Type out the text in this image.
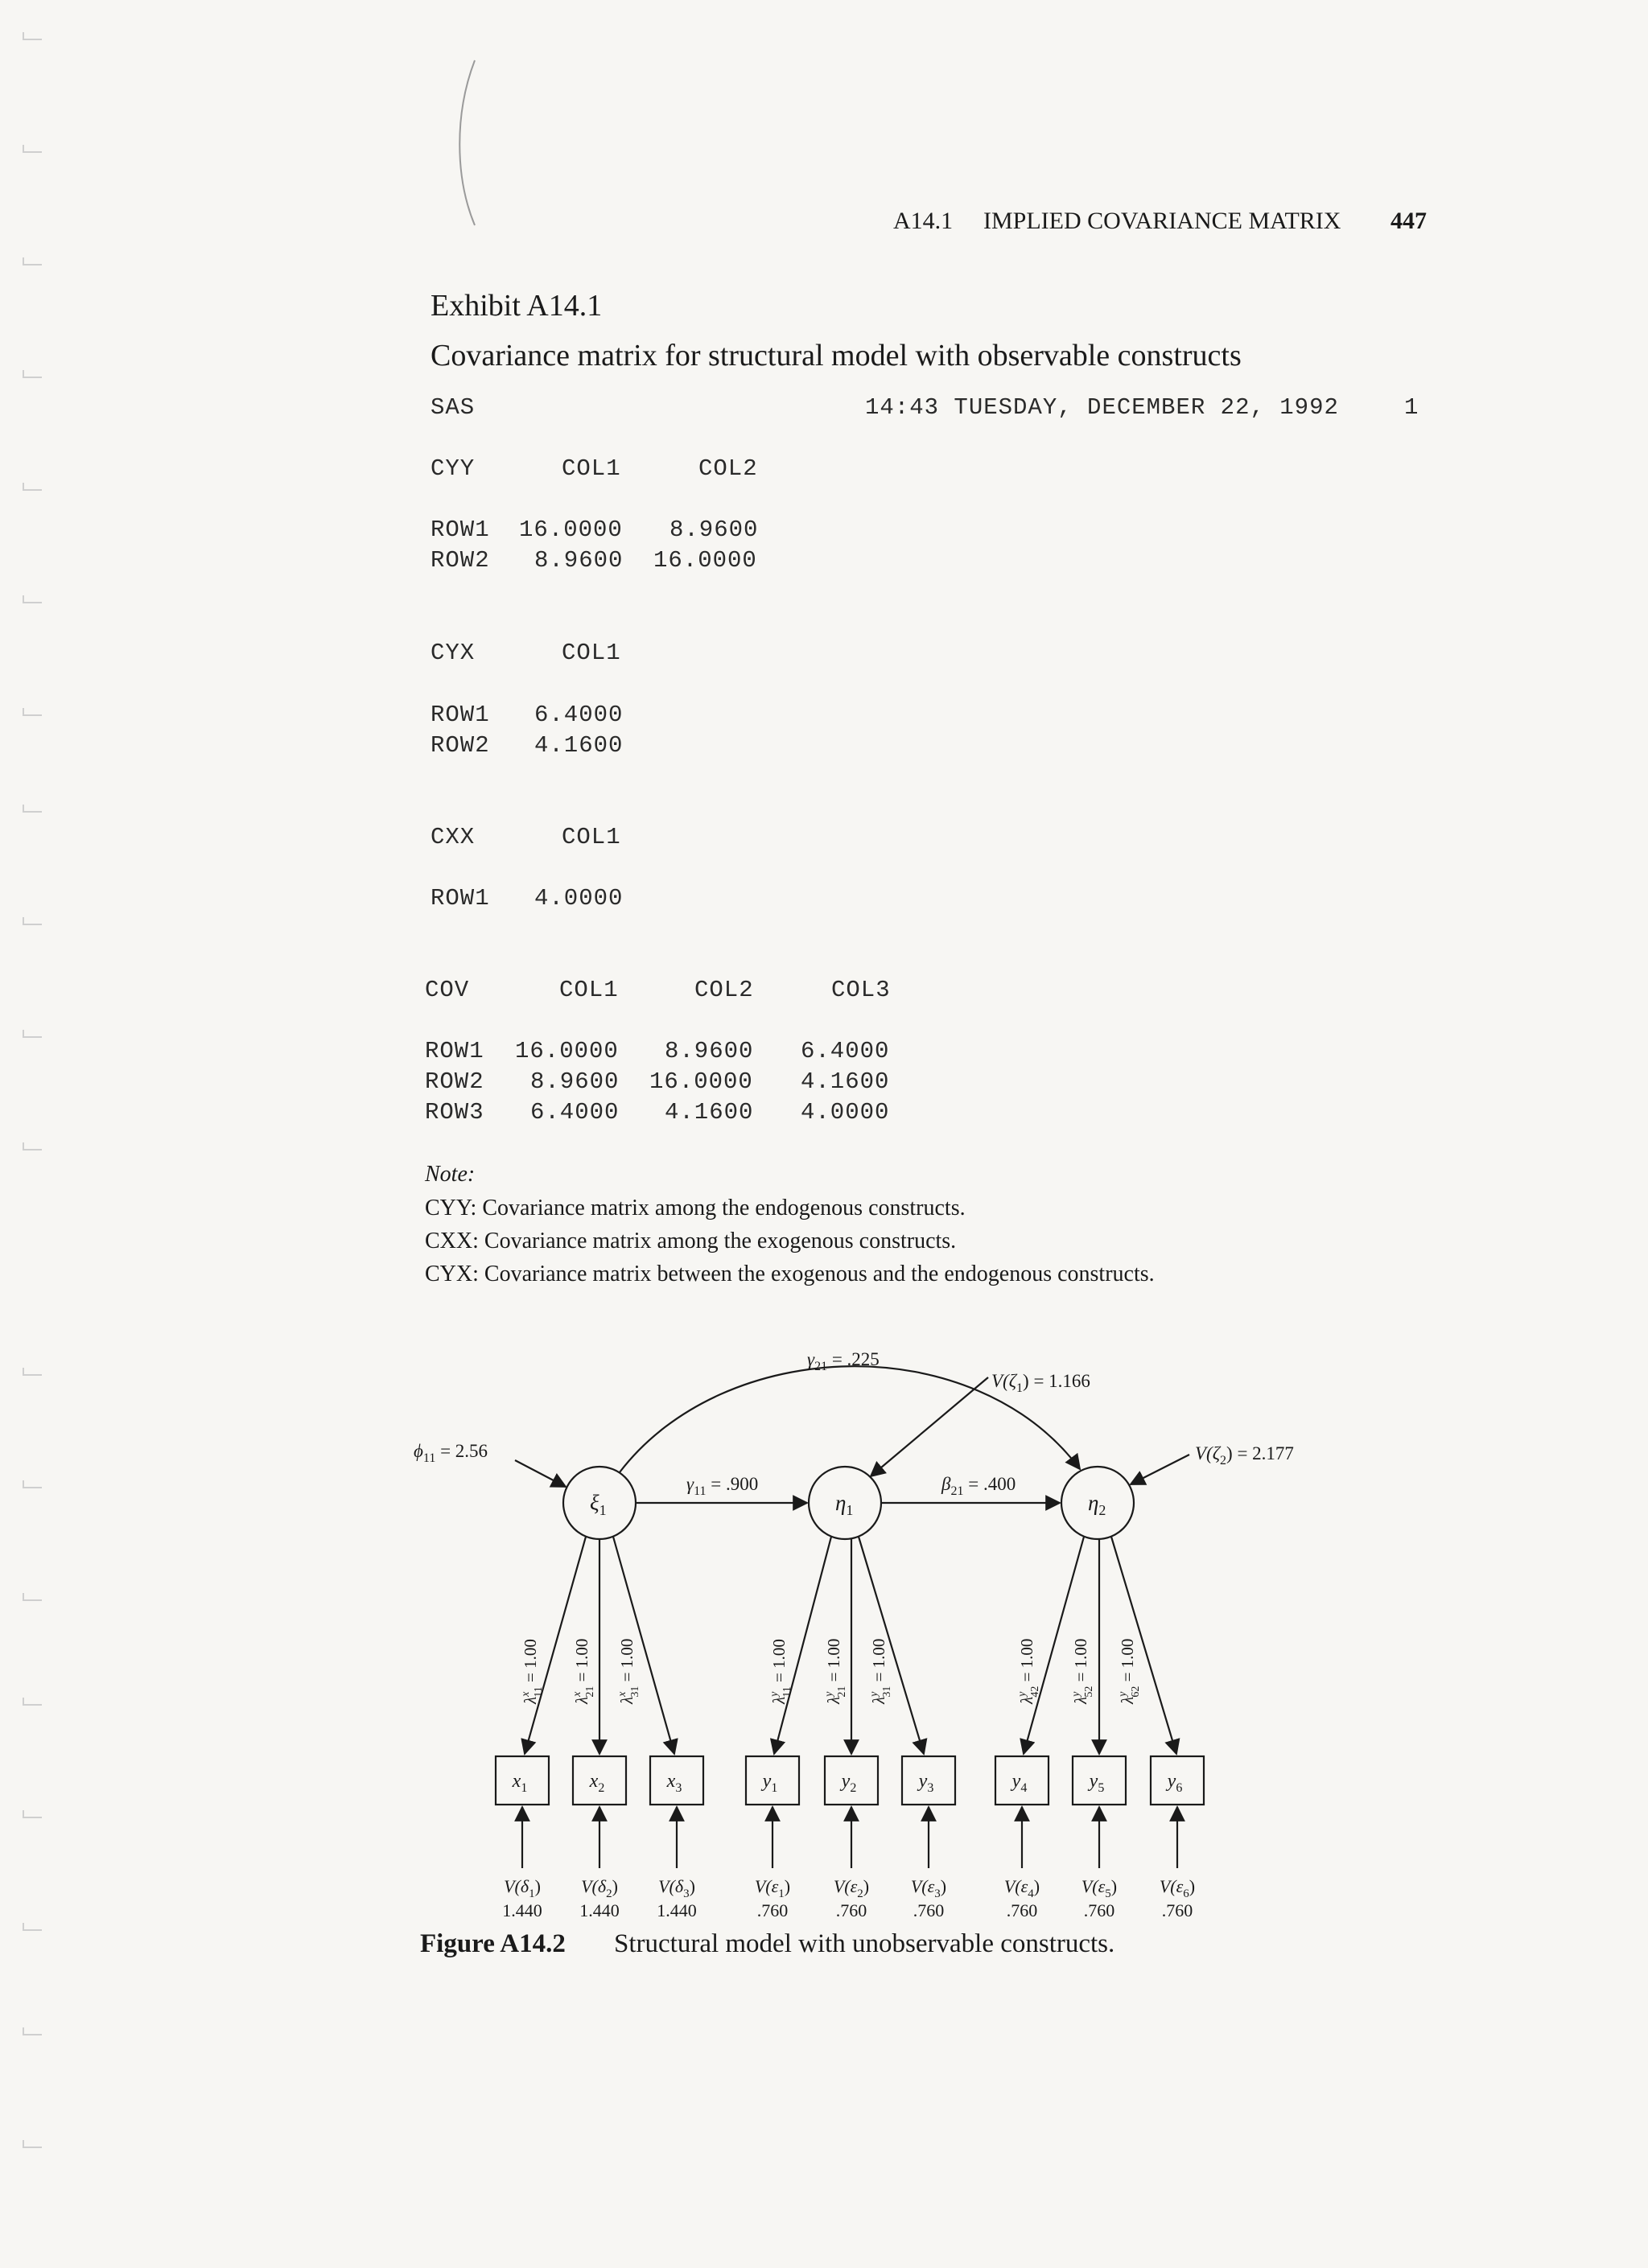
A14.1 IMPLIED COVARIANCE MATRIX 447
Exhibit A14.1
Covariance matrix for structural model with observable constructs
SAS	14:43 TUESDAY, DECEMBER 22, 1992	1
CYY	COL1	COL2
ROW1 16.0000 8.9600
ROW2 8.9600 16.0000
CYX	COL1
ROW1 6.4000
ROW2 4.1600
CXX	COL1
ROW1 4.0000
COV	COL1	COL2	COL3
ROW1 16.0000 8.9600 6.4000
ROW2 8.9600 16.0000 4.1600
ROW3 6.4000 4.1600 4.0000
Note:
CYY: Covariance matrix among the endogenous constructs.
CXX: Covariance matrix among the exogenous constructs.
CYX: Covariance matrix between the exogenous and the endogenous constructs.
$\xi_1$	$\eta_1$	$\eta_2$
$\gamma_{21} = .225$
$\gamma_{11} = .900$	$\beta_{21} = .400$
$\phi_{11} = 2.56$
$V(\zeta_1) = 1.166$
$V(\zeta_2) = 2.177$
$\lambda^x11 = 1.00$
$\lambda^x21 = 1.00$
$\lambda^x31 = 1.00$
$\lambda^y11 = 1.00$
$\lambda^y21 = 1.00$
$\lambda^y31 = 1.00$
$\lambda^y42 = 1.00$
$\lambda^y52 = 1.00$
$\lambda^y62 = 1.00$
$x_1$	$x_2$	$x_3$	$y_1$	$y_2$	$y_3$	$y_4$	$y_5$	$y_6$
$V(\delta_1)$ $V(\delta_2)$ $V(\delta_3)$	$V(\varepsilon_1)$ $V(\varepsilon_2)$ $V(\varepsilon_3)$	$V(\varepsilon_4)$ $V(\varepsilon_5)$ $V(\varepsilon_6)$
1.440 1.440 1.440	.760	.760	.760	.760	.760	.760
Figure A14.2 Structural model with unobservable constructs.
